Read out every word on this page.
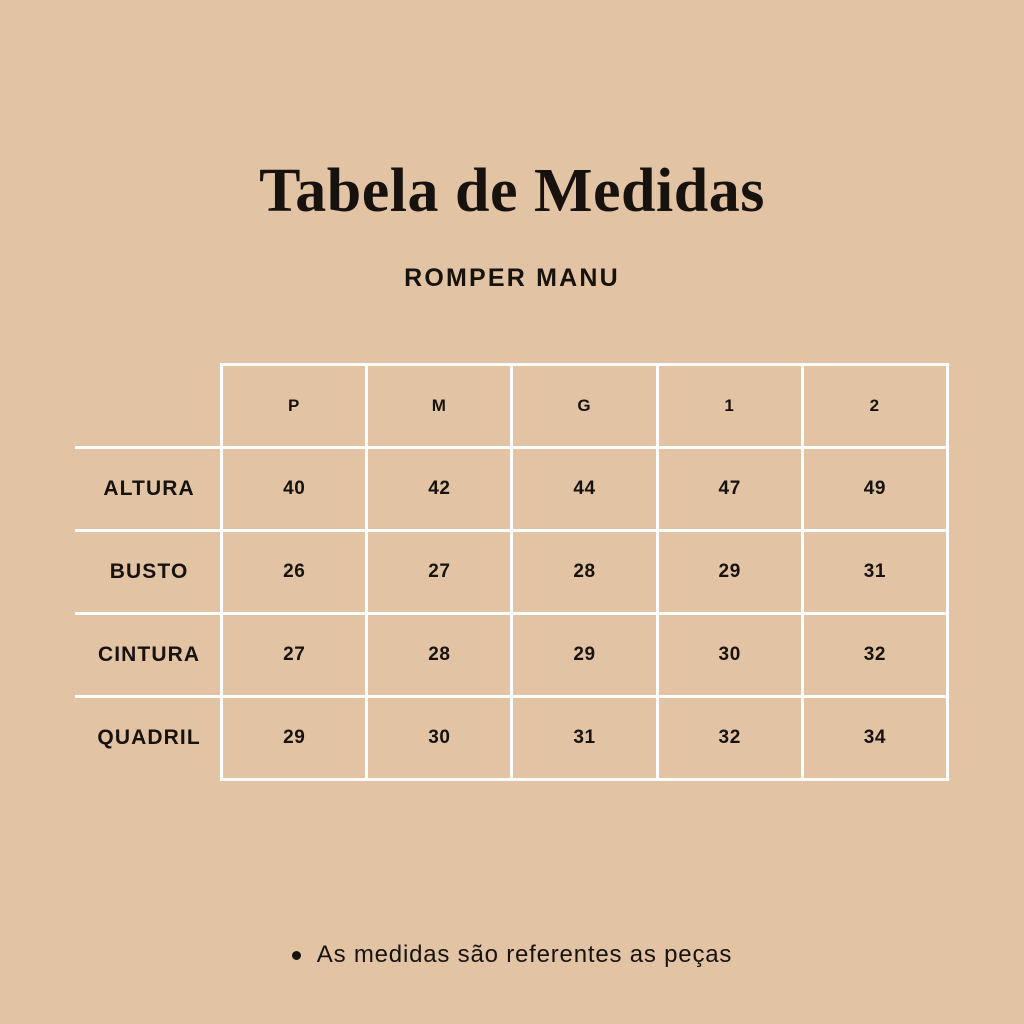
Tabela de Medidas
ROMPER MANU
	P	M	G	1	2
ALTURA	40	42	44	47	49
BUSTO	26	27	28	29	31
CINTURA	27	28	29	30	32
QUADRIL	29	30	31	32	34
As medidas são referentes as peças
